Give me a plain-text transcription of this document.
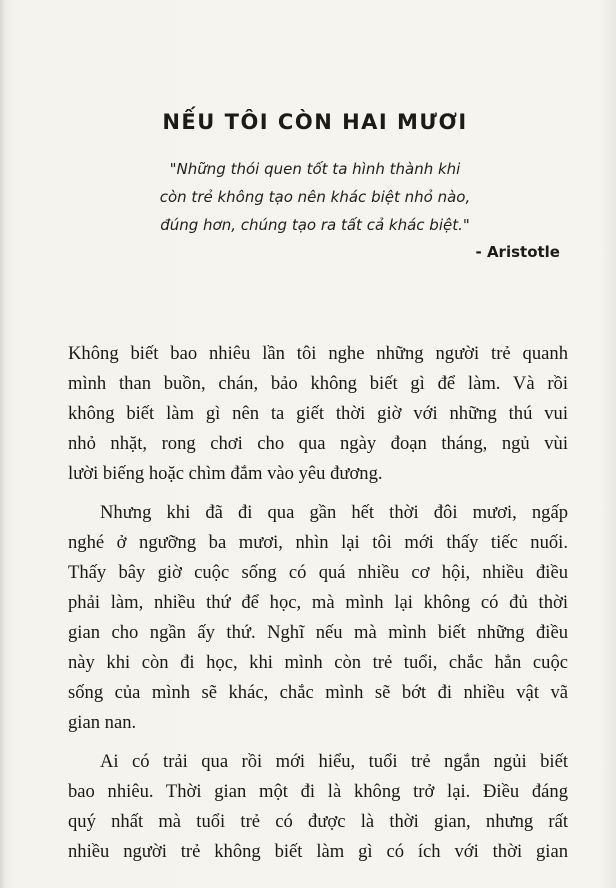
NẾU TÔI CÒN HAI MƯƠI

"Những thói quen tốt ta hình thành khi
còn trẻ không tạo nên khác biệt nhỏ nào,
đúng hơn, chúng tạo ra tất cả khác biệt."

- Aristotle

Không biết bao nhiêu lần tôi nghe những người trẻ quanh
mình than buồn, chán, bảo không biết gì để làm. Và rồi
không biết làm gì nên ta giết thời giờ với những thú vui
nhỏ nhặt, rong chơi cho qua ngày đoạn tháng, ngủ vùi
lười biếng hoặc chìm đắm vào yêu đương.

Nhưng khi đã đi qua gần hết thời đôi mươi, ngấp
nghé ở ngưỡng ba mươi, nhìn lại tôi mới thấy tiếc nuối.
Thấy bây giờ cuộc sống có quá nhiều cơ hội, nhiều điều
phải làm, nhiều thứ để học, mà mình lại không có đủ thời
gian cho ngần ấy thứ. Nghĩ nếu mà mình biết những điều
này khi còn đi học, khi mình còn trẻ tuổi, chắc hẳn cuộc
sống của mình sẽ khác, chắc mình sẽ bớt đi nhiều vật vã
gian nan.

Ai có trải qua rồi mới hiểu, tuổi trẻ ngắn ngủi biết
bao nhiêu. Thời gian một đi là không trở lại. Điều đáng
quý nhất mà tuổi trẻ có được là thời gian, nhưng rất
nhiều người trẻ không biết làm gì có ích với thời gian
